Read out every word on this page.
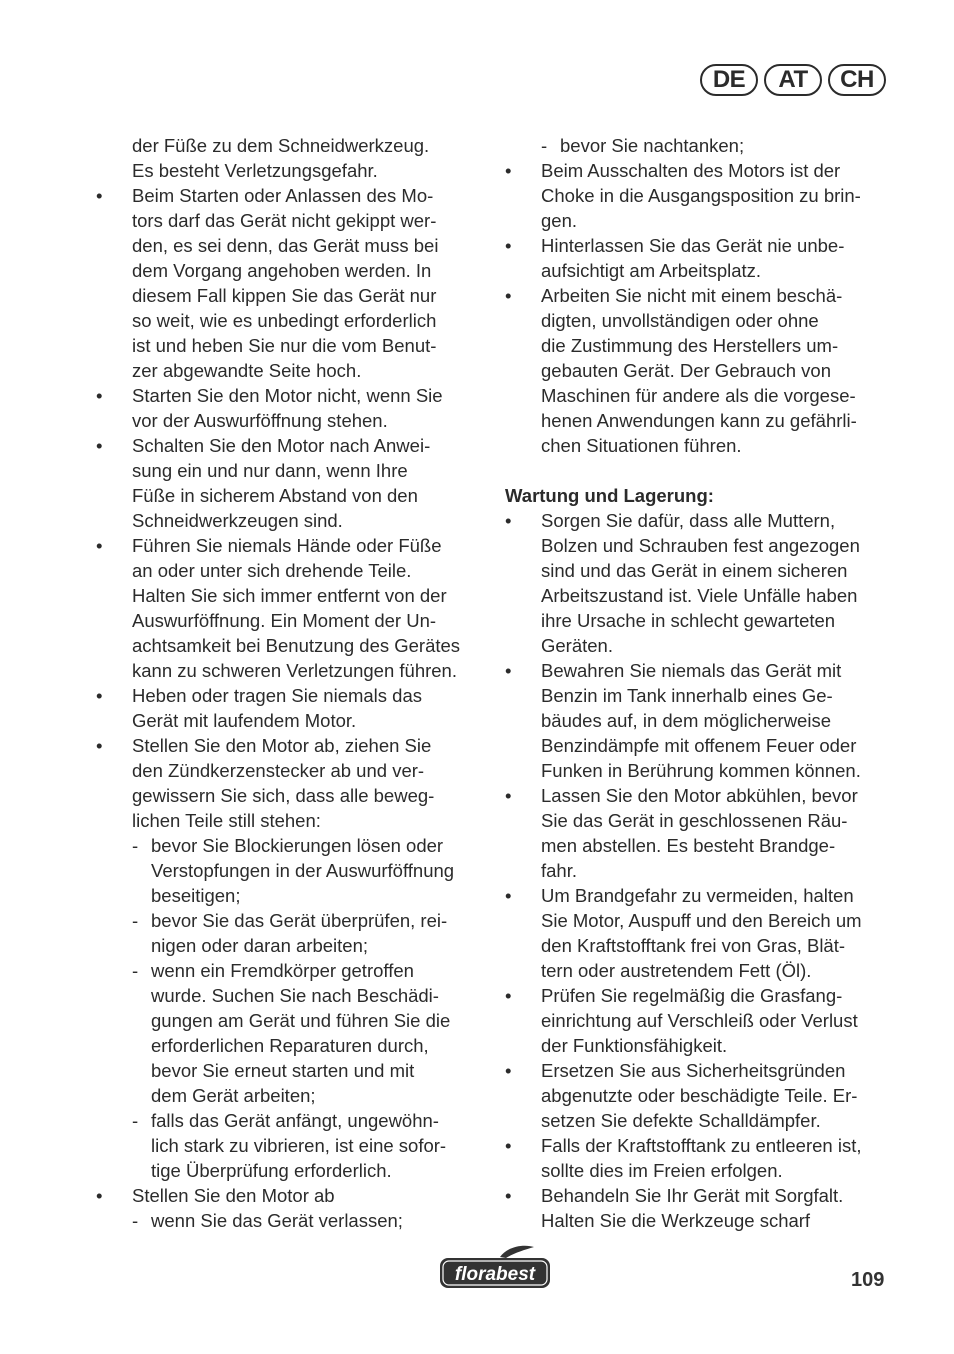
DE	AT	CH
der Füße zu dem Schneidwerkzeug.
Es besteht Verletzungsgefahr.
• Beim Starten oder Anlassen des Mo-
tors darf das Gerät nicht gekippt wer-
den, es sei denn, das Gerät muss bei
dem Vorgang angehoben werden. In
diesem Fall kippen Sie das Gerät nur
so weit, wie es unbedingt erforderlich
ist und heben Sie nur die vom Benut-
zer abgewandte Seite hoch.
• Starten Sie den Motor nicht, wenn Sie
vor der Auswurföffnung stehen.
• Schalten Sie den Motor nach Anwei-
sung ein und nur dann, wenn Ihre
Füße in sicherem Abstand von den
Schneidwerkzeugen sind.
• Führen Sie niemals Hände oder Füße
an oder unter sich drehende Teile.
Halten Sie sich immer entfernt von der
Auswurföffnung. Ein Moment der Un-
achtsamkeit bei Benutzung des Gerätes
kann zu schweren Verletzungen führen.
• Heben oder tragen Sie niemals das
Gerät mit laufendem Motor.
• Stellen Sie den Motor ab, ziehen Sie
den Zündkerzenstecker ab und ver-
gewissern Sie sich, dass alle beweg-
lichen Teile still stehen:
- bevor Sie Blockierungen lösen oder
Verstopfungen in der Auswurföffnung
beseitigen;
- bevor Sie das Gerät überprüfen, rei-
nigen oder daran arbeiten;
- wenn ein Fremdkörper getroffen
wurde. Suchen Sie nach Beschädi-
gungen am Gerät und führen Sie die
erforderlichen Reparaturen durch,
bevor Sie erneut starten und mit
dem Gerät arbeiten;
- falls das Gerät anfängt, ungewöhn-
lich stark zu vibrieren, ist eine sofor-
tige Überprüfung erforderlich.
• Stellen Sie den Motor ab
- wenn Sie das Gerät verlassen;
- bevor Sie nachtanken;
• Beim Ausschalten des Motors ist der
Choke in die Ausgangsposition zu brin-
gen.
• Hinterlassen Sie das Gerät nie unbe-
aufsichtigt am Arbeitsplatz.
• Arbeiten Sie nicht mit einem beschä-
digten, unvollständigen oder ohne
die Zustimmung des Herstellers um-
gebauten Gerät. Der Gebrauch von
Maschinen für andere als die vorgese-
henen Anwendungen kann zu gefährli-
chen Situationen führen.
Wartung und Lagerung:
• Sorgen Sie dafür, dass alle Muttern,
Bolzen und Schrauben fest angezogen
sind und das Gerät in einem sicheren
Arbeitszustand ist. Viele Unfälle haben
ihre Ursache in schlecht gewarteten
Geräten.
• Bewahren Sie niemals das Gerät mit
Benzin im Tank innerhalb eines Ge-
bäudes auf, in dem möglicherweise
Benzindämpfe mit offenem Feuer oder
Funken in Berührung kommen können.
• Lassen Sie den Motor abkühlen, bevor
Sie das Gerät in geschlossenen Räu-
men abstellen. Es besteht Brandge-
fahr.
• Um Brandgefahr zu vermeiden, halten
Sie Motor, Auspuff und den Bereich um
den Kraftstofftank frei von Gras, Blät-
tern oder austretendem Fett (Öl).
• Prüfen Sie regelmäßig die Grasfang-
einrichtung auf Verschleiß oder Verlust
der Funktionsfähigkeit.
• Ersetzen Sie aus Sicherheitsgründen
abgenutzte oder beschädigte Teile. Er-
setzen Sie defekte Schalldämpfer.
• Falls der Kraftstofftank zu entleeren ist,
sollte dies im Freien erfolgen.
• Behandeln Sie Ihr Gerät mit Sorgfalt.
Halten Sie die Werkzeuge scharf
florabest	109
